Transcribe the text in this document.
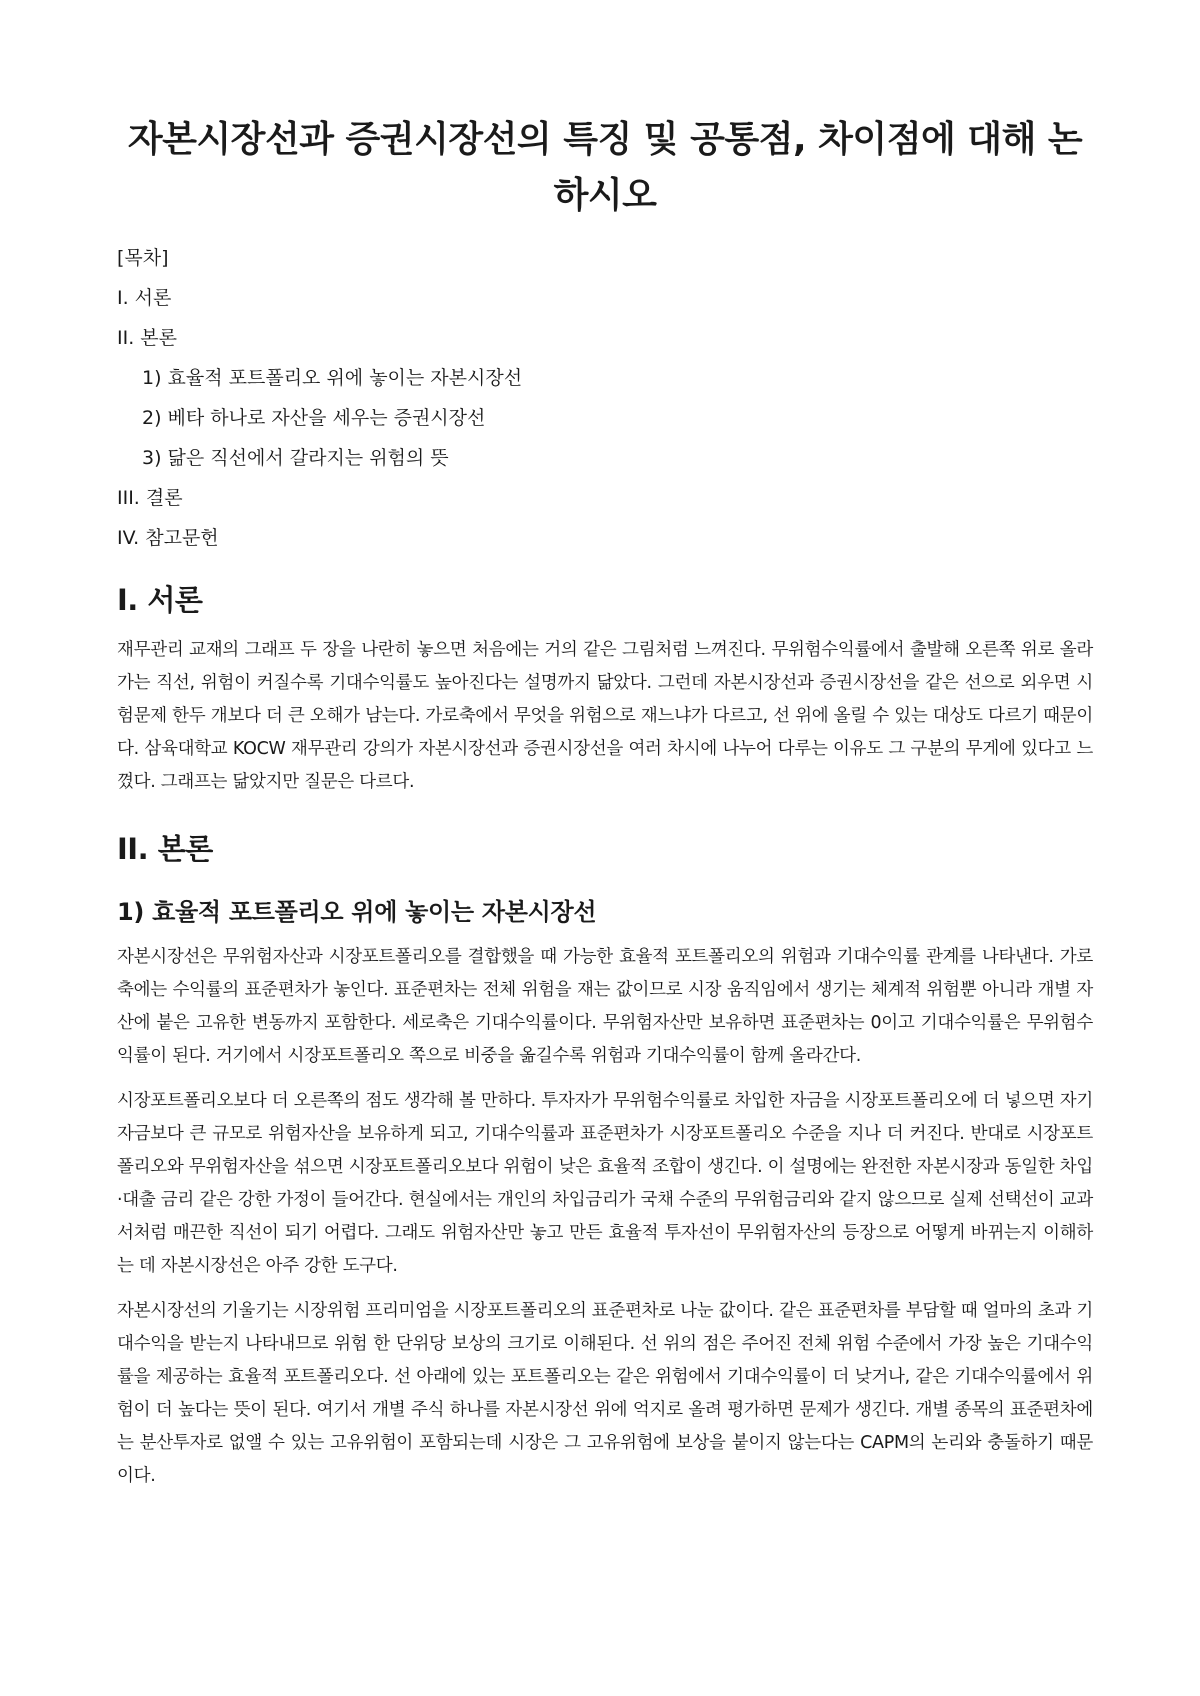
자본시장선과 증권시장선의 특징 및 공통점, 차이점에 대해 논하시오
[목차]
I. 서론
II. 본론
1) 효율적 포트폴리오 위에 놓이는 자본시장선
2) 베타 하나로 자산을 세우는 증권시장선
3) 닮은 직선에서 갈라지는 위험의 뜻
III. 결론
IV. 참고문헌
I. 서론

재무관리 교재의 그래프 두 장을 나란히 놓으면 처음에는 거의 같은 그림처럼 느껴진다. 무위험수익률에서 출발해 오른쪽 위로 올라가는 직선, 위험이 커질수록 기대수익률도 높아진다는 설명까지 닮았다. 그런데 자본시장선과 증권시장선을 같은 선으로 외우면 시험문제 한두 개보다 더 큰 오해가 남는다. 가로축에서 무엇을 위험으로 재느냐가 다르고, 선 위에 올릴 수 있는 대상도 다르기 때문이다. 삼육대학교 KOCW 재무관리 강의가 자본시장선과 증권시장선을 여러 차시에 나누어 다루는 이유도 그 구분의 무게에 있다고 느꼈다. 그래프는 닮았지만 질문은 다르다.

II. 본론
1) 효율적 포트폴리오 위에 놓이는 자본시장선

자본시장선은 무위험자산과 시장포트폴리오를 결합했을 때 가능한 효율적 포트폴리오의 위험과 기대수익률 관계를 나타낸다. 가로축에는 수익률의 표준편차가 놓인다. 표준편차는 전체 위험을 재는 값이므로 시장 움직임에서 생기는 체계적 위험뿐 아니라 개별 자산에 붙은 고유한 변동까지 포함한다. 세로축은 기대수익률이다. 무위험자산만 보유하면 표준편차는 0이고 기대수익률은 무위험수익률이 된다. 거기에서 시장포트폴리오 쪽으로 비중을 옮길수록 위험과 기대수익률이 함께 올라간다.

시장포트폴리오보다 더 오른쪽의 점도 생각해 볼 만하다. 투자자가 무위험수익률로 차입한 자금을 시장포트폴리오에 더 넣으면 자기자금보다 큰 규모로 위험자산을 보유하게 되고, 기대수익률과 표준편차가 시장포트폴리오 수준을 지나 더 커진다. 반대로 시장포트폴리오와 무위험자산을 섞으면 시장포트폴리오보다 위험이 낮은 효율적 조합이 생긴다. 이 설명에는 완전한 자본시장과 동일한 차입·대출 금리 같은 강한 가정이 들어간다. 현실에서는 개인의 차입금리가 국채 수준의 무위험금리와 같지 않으므로 실제 선택선이 교과서처럼 매끈한 직선이 되기 어렵다. 그래도 위험자산만 놓고 만든 효율적 투자선이 무위험자산의 등장으로 어떻게 바뀌는지 이해하는 데 자본시장선은 아주 강한 도구다.

자본시장선의 기울기는 시장위험 프리미엄을 시장포트폴리오의 표준편차로 나눈 값이다. 같은 표준편차를 부담할 때 얼마의 초과 기대수익을 받는지 나타내므로 위험 한 단위당 보상의 크기로 이해된다. 선 위의 점은 주어진 전체 위험 수준에서 가장 높은 기대수익률을 제공하는 효율적 포트폴리오다. 선 아래에 있는 포트폴리오는 같은 위험에서 기대수익률이 더 낮거나, 같은 기대수익률에서 위험이 더 높다는 뜻이 된다. 여기서 개별 주식 하나를 자본시장선 위에 억지로 올려 평가하면 문제가 생긴다. 개별 종목의 표준편차에는 분산투자로 없앨 수 있는 고유위험이 포함되는데 시장은 그 고유위험에 보상을 붙이지 않는다는 CAPM의 논리와 충돌하기 때문이다.
